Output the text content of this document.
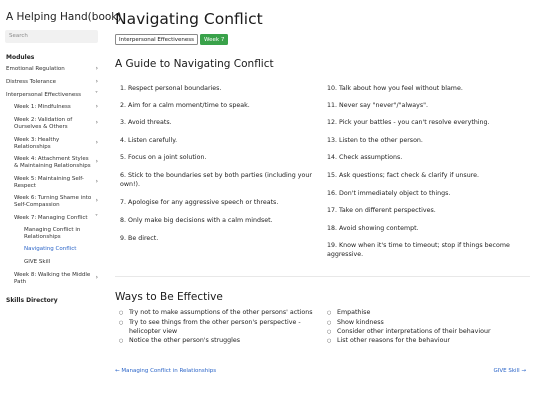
A Helping Hand(book)
Search
Modules
Emotional Regulation	›
Distress Tolerance	›
Interpersonal Effectiveness ˅
Week 1: Mindfulness	›
Week 2: Validation of Ourselves & Others
›
Week 3: Healthy Relationships
›
Week 4: Attachment Styles & Maintaining Relationships
›
Week 5: Maintaining Self-Respect
›
Week 6: Turning Shame into Self-Compassion
›
Week 7: Managing Conflict ˅
Managing Conflict in Relationships
Navigating Conflict
GIVE Skill
Week 8: Walking the Middle Path
›
Skills Directory
Navigating Conflict
Interpersonal Effectiveness	Week 7
A Guide to Navigating Conflict
1. Respect personal boundaries.
2. Aim for a calm moment/time to speak.
3. Avoid threats.
4. Listen carefully.
5. Focus on a joint solution.
6. Stick to the boundaries set by both parties (including your own!).
7. Apologise for any aggressive speech or threats.
8. Only make big decisions with a calm mindset.
9. Be direct.
10. Talk about how you feel without blame.
11. Never say "never"/"always".
12. Pick your battles - you can't resolve everything.
13. Listen to the other person.
14. Check assumptions.
15. Ask questions; fact check & clarify if unsure.
16. Don't immediately object to things.
17. Take on different perspectives.
18. Avoid showing contempt.
19. Know when it's time to timeout; stop if things become aggressive.
Ways to Be Effective
○ Try not to make assumptions of the other persons' actions
○ Try to see things from the other person's perspective - helicopter view
○ Notice the other person's struggles
○ Empathise
○ Show kindness
○ Consider other interpretations of their behaviour
○ List other reasons for the behaviour
← Managing Conflict in Relationships	GIVE Skill →
